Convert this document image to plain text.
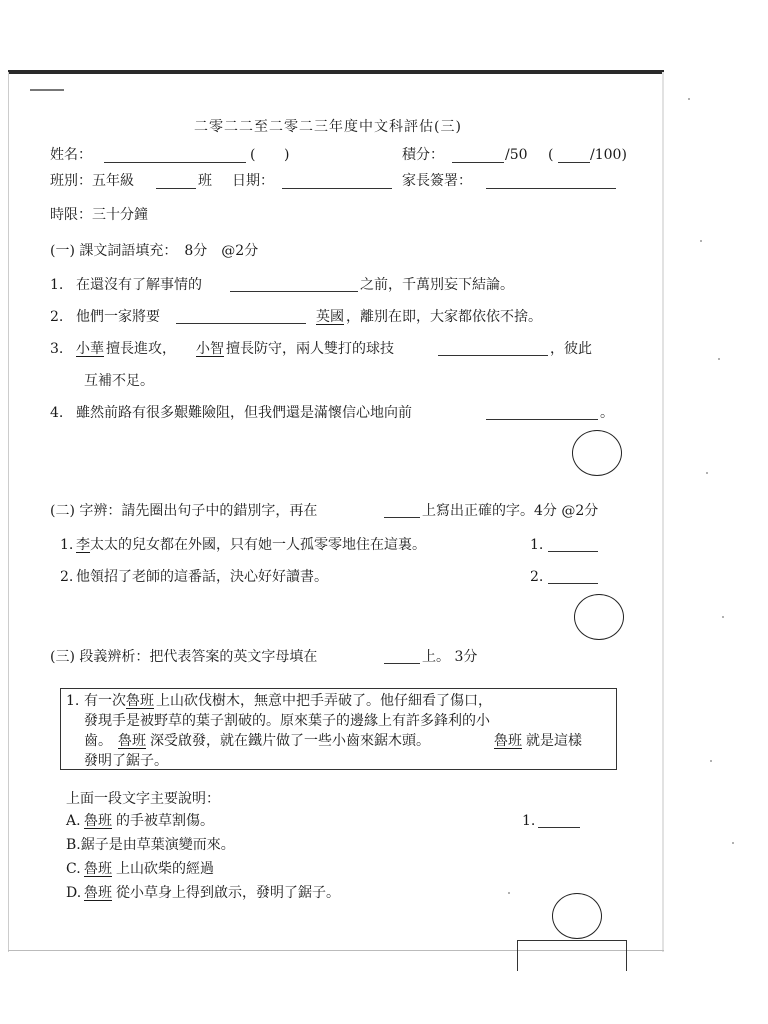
二零二二至二零二三年度中文科評估(三)
姓名：	( )	積分：	/50 (	/100)
班別：五年級	班 日期：	家長簽署：
時限：三十分鐘
(一) 課文詞語填充：　8分　@2分
1. 在還沒有了解事情的	之前，千萬別妄下結論。
2. 他們一家將要	英國 ，離別在即，大家都依依不捨。
3. 小華 擅長進攻， 小智 擅長防守，兩人雙打的球技	，彼此
互補不足。
4. 雖然前路有很多艱難險阻，但我們還是滿懷信心地向前	。
(二) 字辨：請先圈出句子中的錯別字，再在	上寫出正確的字。4分 @2分
1. 李 太太的兒女都在外國，只有她一人孤零零地住在這裏。	1.
2. 他領招了老師的這番話，決心好好讀書。	2.
(三) 段義辨析：把代表答案的英文字母填在	上。 3分
1. 有一次 魯班 上山砍伐樹木，無意中把手弄破了。他仔細看了傷口，
發現手是被野草的葉子割破的。原來葉子的邊緣上有許多鋒利的小
齒。 魯班 深受啟發，就在鐵片做了一些小齒來鋸木頭。	魯班 就是這樣
發明了鋸子。
上面一段文字主要說明：
A. 魯班 的手被草割傷。	1.
B.鋸子是由草葉演變而來。
C. 魯班 上山砍柴的經過
D. 魯班 從小草身上得到啟示，發明了鋸子。
